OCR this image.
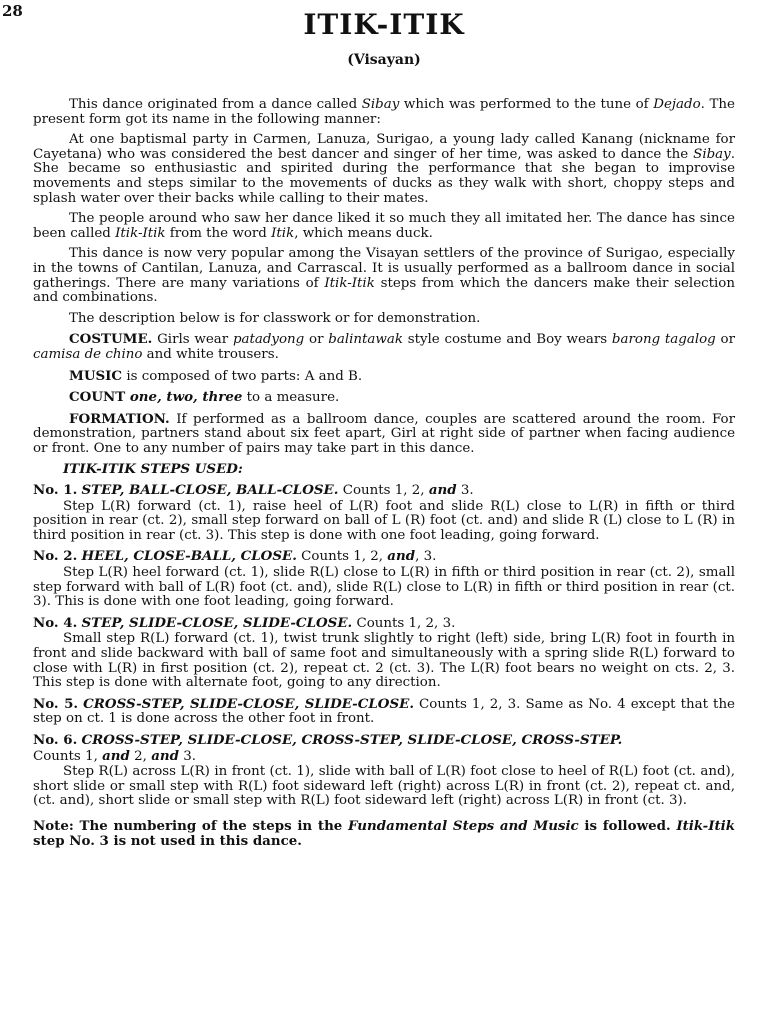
28	ITIK-ITIK
(Visayan)

This dance originated from a dance called Sibay which was performed to the tune of Dejado. The present form got its name in the following manner:

At one baptismal party in Carmen, Lanuza, Surigao, a young lady called Kanang (nickname for Cayetana) who was considered the best dancer and singer of her time, was asked to dance the Sibay. She became so enthusiastic and spirited during the performance that she began to improvise movements and steps similar to the movements of ducks as they walk with short, choppy steps and splash water over their backs while calling to their mates.

The people around who saw her dance liked it so much they all imitated her. The dance has since been called Itik-Itik from the word Itik, which means duck.

This dance is now very popular among the Visayan settlers of the province of Surigao, especially in the towns of Cantilan, Lanuza, and Carrascal. It is usually performed as a ballroom dance in social gatherings. There are many variations of Itik-Itik steps from which the dancers make their selection and combinations.

The description below is for classwork or for demonstration.

COSTUME. Girls wear patadyong or balintawak style costume and Boy wears barong tagalog or camisa de chino and white trousers.

MUSIC is composed of two parts: A and B.

COUNT one, two, three to a measure.

FORMATION. If performed as a ballroom dance, couples are scattered around the room. For demonstration, partners stand about six feet apart, Girl at right side of partner when facing audience or front. One to any number of pairs may take part in this dance.

ITIK-ITIK STEPS USED:

No. 1. STEP, BALL-CLOSE, BALL-CLOSE. Counts 1, 2, and 3.

Step L(R) forward (ct. 1), raise heel of L(R) foot and slide R(L) close to L(R) in fifth or third position in rear (ct. 2), small step forward on ball of L (R) foot (ct. and) and slide R (L) close to L (R) in third position in rear (ct. 3). This step is done with one foot leading, going forward.

No. 2. HEEL, CLOSE-BALL, CLOSE. Counts 1, 2, and, 3.

Step L(R) heel forward (ct. 1), slide R(L) close to L(R) in fifth or third position in rear (ct. 2), small step forward with ball of L(R) foot (ct. and), slide R(L) close to L(R) in fifth or third position in rear (ct. 3). This is done with one foot leading, going forward.

No. 4. STEP, SLIDE-CLOSE, SLIDE-CLOSE. Counts 1, 2, 3.

Small step R(L) forward (ct. 1), twist trunk slightly to right (left) side, bring L(R) foot in fourth in front and slide backward with ball of same foot and simultaneously with a spring slide R(L) forward to close with L(R) in first position (ct. 2), repeat ct. 2 (ct. 3). The L(R) foot bears no weight on cts. 2, 3. This step is done with alternate foot, going to any direction.

No. 5. CROSS-STEP, SLIDE-CLOSE, SLIDE-CLOSE. Counts 1, 2, 3. Same as No. 4 except that the step on ct. 1 is done across the other foot in front.

No. 6. CROSS-STEP, SLIDE-CLOSE, CROSS-STEP, SLIDE-CLOSE, CROSS-STEP.
Counts 1, and 2, and 3.

Step R(L) across L(R) in front (ct. 1), slide with ball of L(R) foot close to heel of R(L) foot (ct. and), short slide or small step with R(L) foot sideward left (right) across L(R) in front (ct. 2), repeat ct. and, (ct. and), short slide or small step with R(L) foot sideward left (right) across L(R) in front (ct. 3).

Note: The numbering of the steps in the Fundamental Steps and Music is followed. Itik-Itik step No. 3 is not used in this dance.
